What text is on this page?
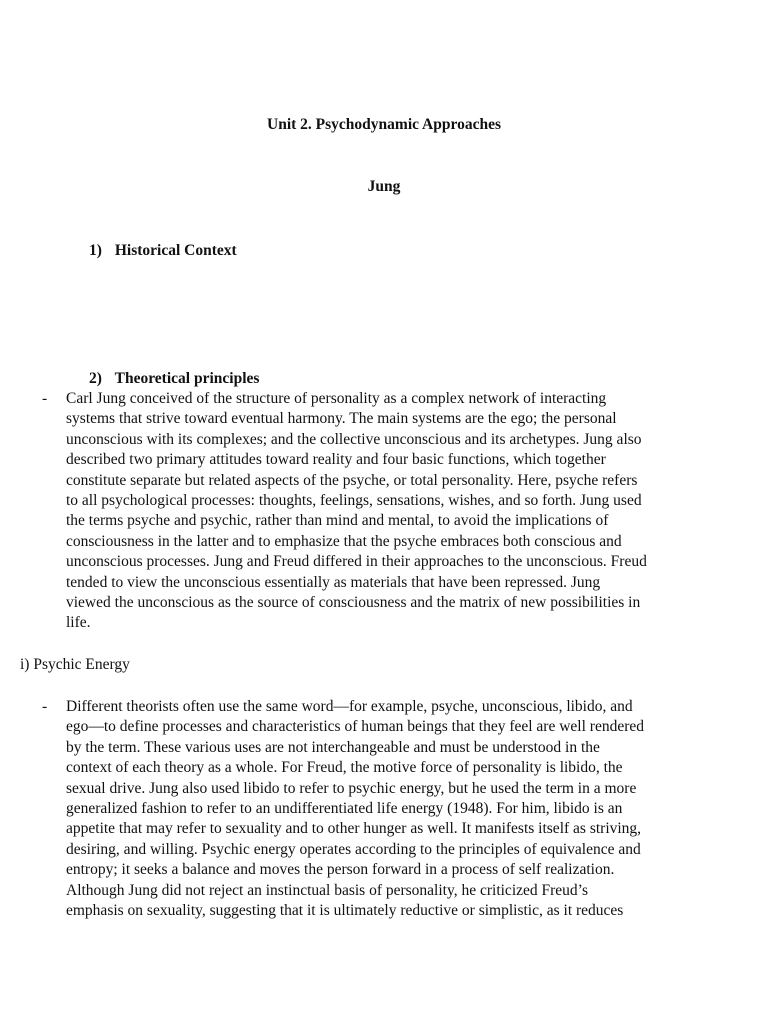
Unit 2. Psychodynamic Approaches
Jung
1) Historical Context
2) Theoretical principles
- Carl Jung conceived of the structure of personality as a complex network of interacting
systems that strive toward eventual harmony. The main systems are the ego; the personal
unconscious with its complexes; and the collective unconscious and its archetypes. Jung also
described two primary attitudes toward reality and four basic functions, which together
constitute separate but related aspects of the psyche, or total personality. Here, psyche refers
to all psychological processes: thoughts, feelings, sensations, wishes, and so forth. Jung used
the terms psyche and psychic, rather than mind and mental, to avoid the implications of
consciousness in the latter and to emphasize that the psyche embraces both conscious and
unconscious processes. Jung and Freud differed in their approaches to the unconscious. Freud
tended to view the unconscious essentially as materials that have been repressed. Jung
viewed the unconscious as the source of consciousness and the matrix of new possibilities in
life.
i) Psychic Energy
- Different theorists often use the same word—for example, psyche, unconscious, libido, and
ego—to define processes and characteristics of human beings that they feel are well rendered
by the term. These various uses are not interchangeable and must be understood in the
context of each theory as a whole. For Freud, the motive force of personality is libido, the
sexual drive. Jung also used libido to refer to psychic energy, but he used the term in a more
generalized fashion to refer to an undifferentiated life energy (1948). For him, libido is an
appetite that may refer to sexuality and to other hunger as well. It manifests itself as striving,
desiring, and willing. Psychic energy operates according to the principles of equivalence and
entropy; it seeks a balance and moves the person forward in a process of self realization.
Although Jung did not reject an instinctual basis of personality, he criticized Freud’s
emphasis on sexuality, suggesting that it is ultimately reductive or simplistic, as it reduces
